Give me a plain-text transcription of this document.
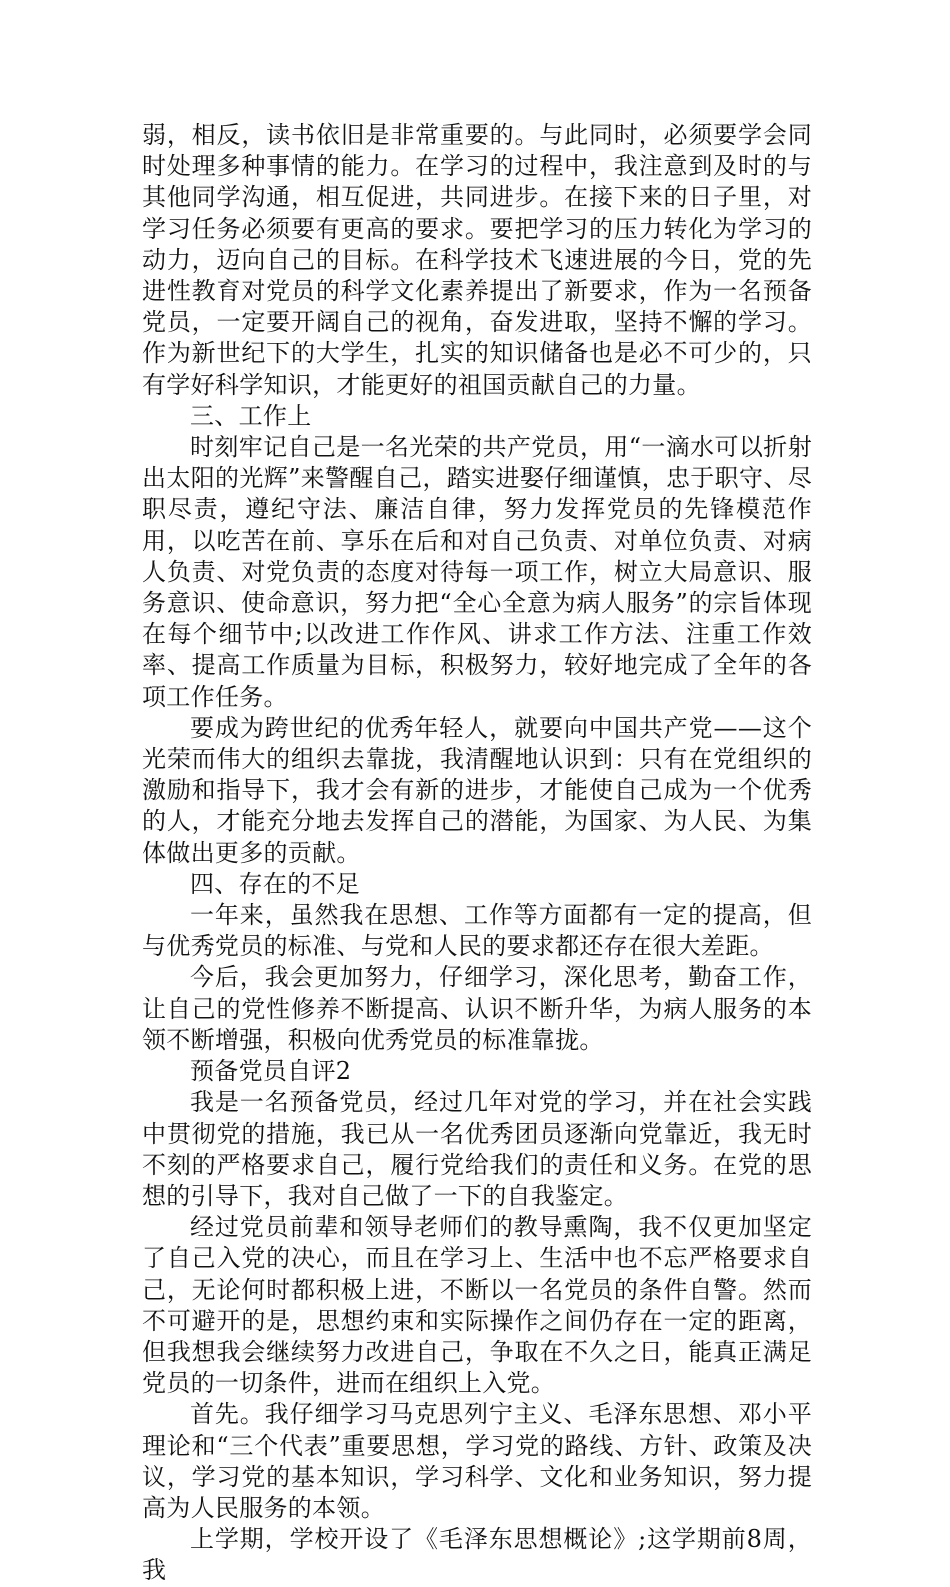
弱，相反，读书依旧是非常重要的。与此同时，必须要学会同时处理多种事情的能力。在学习的过程中，我注意到及时的与其他同学沟通，相互促进，共同进步。在接下来的日子里，对学习任务必须要有更高的要求。要把学习的压力转化为学习的动力，迈向自己的目标。在科学技术飞速进展的今日，党的先进性教育对党员的科学文化素养提出了新要求，作为一名预备党员，一定要开阔自己的视角，奋发进取，坚持不懈的学习。作为新世纪下的大学生，扎实的知识储备也是必不可少的，只有学好科学知识，才能更好的祖国贡献自己的力量。

三、工作上

时刻牢记自己是一名光荣的共产党员，用“一滴水可以折射出太阳的光辉”来警醒自己，踏实进娶仔细谨慎，忠于职守、尽职尽责，遵纪守法、廉洁自律，努力发挥党员的先锋模范作用，以吃苦在前、享乐在后和对自己负责、对单位负责、对病人负责、对党负责的态度对待每一项工作，树立大局意识、服务意识、使命意识，努力把“全心全意为病人服务”的宗旨体现在每个细节中;以改进工作作风、讲求工作方法、注重工作效率、提高工作质量为目标，积极努力，较好地完成了全年的各项工作任务。

要成为跨世纪的优秀年轻人，就要向中国共产党——这个光荣而伟大的组织去靠拢，我清醒地认识到：只有在党组织的激励和指导下，我才会有新的进步，才能使自己成为一个优秀的人，才能充分地去发挥自己的潜能，为国家、为人民、为集体做出更多的贡献。

四、存在的不足

一年来，虽然我在思想、工作等方面都有一定的提高，但与优秀党员的标准、与党和人民的要求都还存在很大差距。

今后，我会更加努力，仔细学习，深化思考，勤奋工作，让自己的党性修养不断提高、认识不断升华，为病人服务的本领不断增强，积极向优秀党员的标准靠拢。

预备党员自评2

我是一名预备党员，经过几年对党的学习，并在社会实践中贯彻党的措施，我已从一名优秀团员逐渐向党靠近，我无时不刻的严格要求自己，履行党给我们的责任和义务。在党的思想的引导下，我对自己做了一下的自我鉴定。

经过党员前辈和领导老师们的教导熏陶，我不仅更加坚定了自己入党的决心，而且在学习上、生活中也不忘严格要求自己，无论何时都积极上进，不断以一名党员的条件自警。然而不可避开的是，思想约束和实际操作之间仍存在一定的距离，但我想我会继续努力改进自己，争取在不久之日，能真正满足党员的一切条件，进而在组织上入党。

首先。我仔细学习马克思列宁主义、毛泽东思想、邓小平理论和“三个代表”重要思想，学习党的路线、方针、政策及决议，学习党的基本知识，学习科学、文化和业务知识，努力提高为人民服务的本领。

上学期，学校开设了《毛泽东思想概论》;这学期前8周，我
